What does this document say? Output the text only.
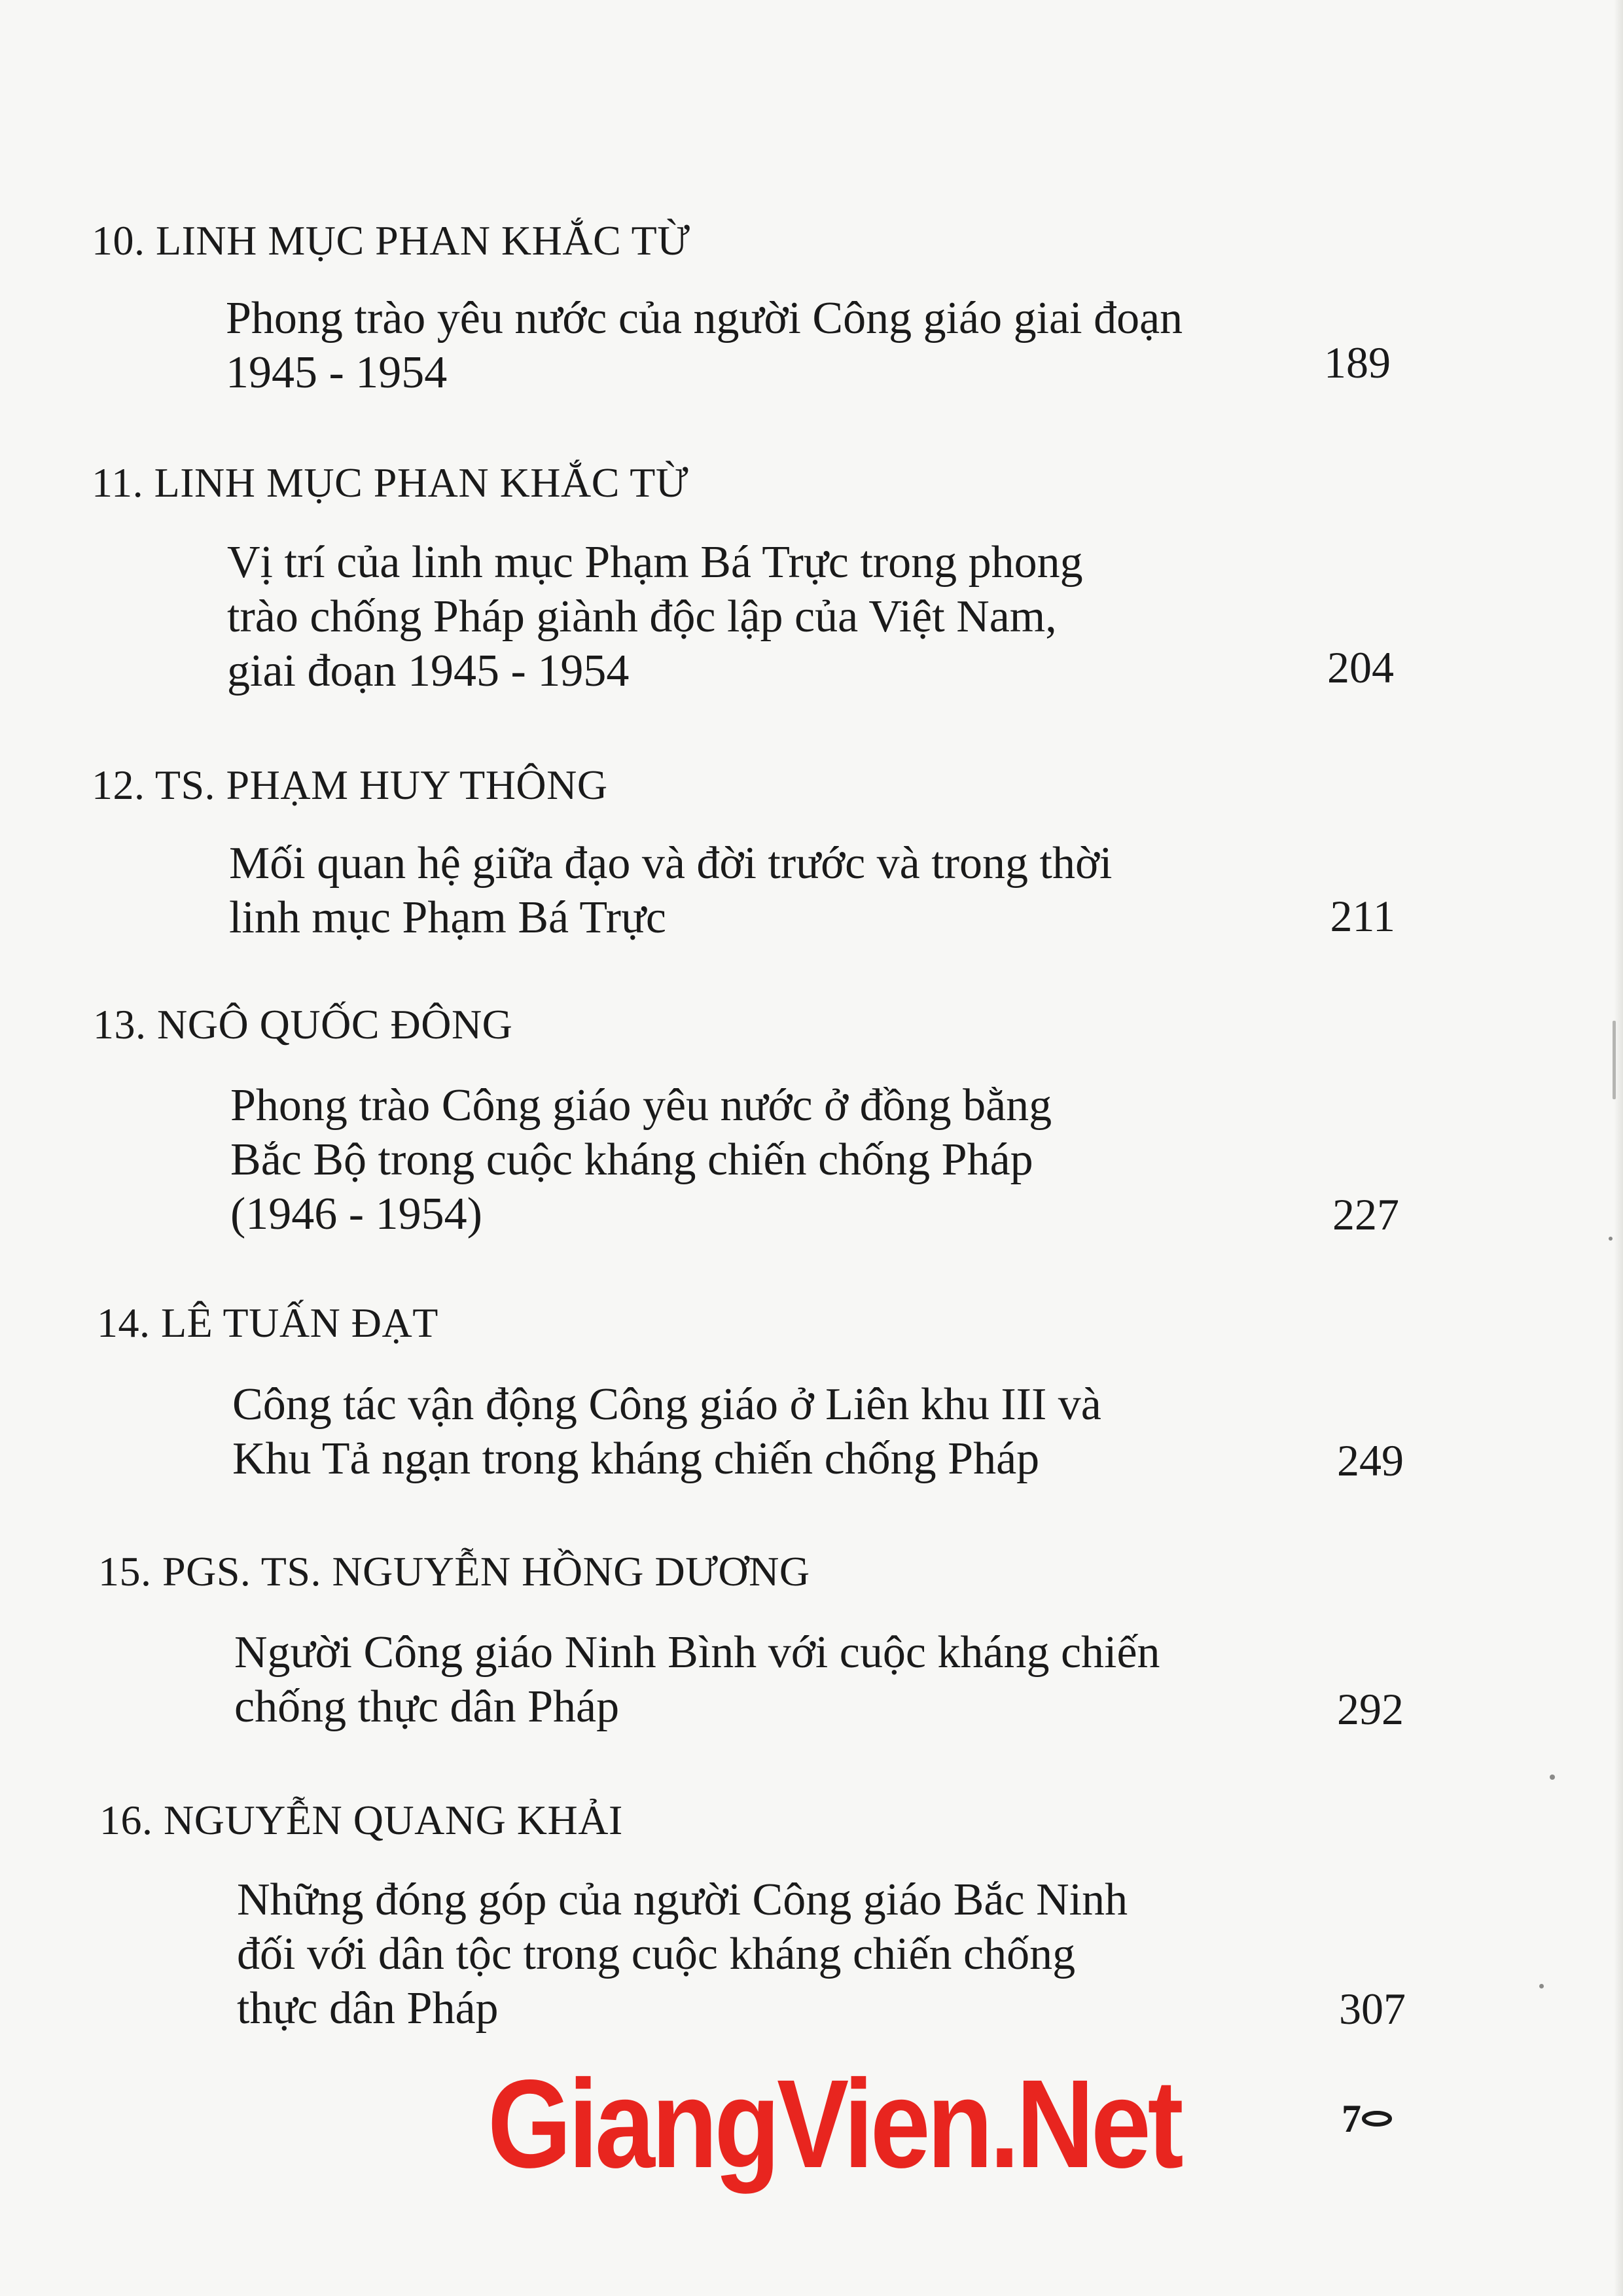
10. LINH MỤC PHAN KHẮC TỪ
Phong trào yêu nước của người Công giáo giai đoạn
1945 - 1954	189
11. LINH MỤC PHAN KHẮC TỪ
Vị trí của linh mục Phạm Bá Trực trong phong
trào chống Pháp giành độc lập của Việt Nam,
giai đoạn 1945 - 1954	204
12. TS. PHẠM HUY THÔNG
Mối quan hệ giữa đạo và đời trước và trong thời
linh mục Phạm Bá Trực	211
13. NGÔ QUỐC ĐÔNG
Phong trào Công giáo yêu nước ở đồng bằng
Bắc Bộ trong cuộc kháng chiến chống Pháp
(1946 - 1954)	227
14. LÊ TUẤN ĐẠT
Công tác vận động Công giáo ở Liên khu III và
Khu Tả ngạn trong kháng chiến chống Pháp	249
15. PGS. TS. NGUYỄN HỒNG DƯƠNG
Người Công giáo Ninh Bình với cuộc kháng chiến
chống thực dân Pháp	292
16. NGUYỄN QUANG KHẢI
Những đóng góp của người Công giáo Bắc Ninh
đối với dân tộc trong cuộc kháng chiến chống
thực dân Pháp	307
GiangVien.Net	7
